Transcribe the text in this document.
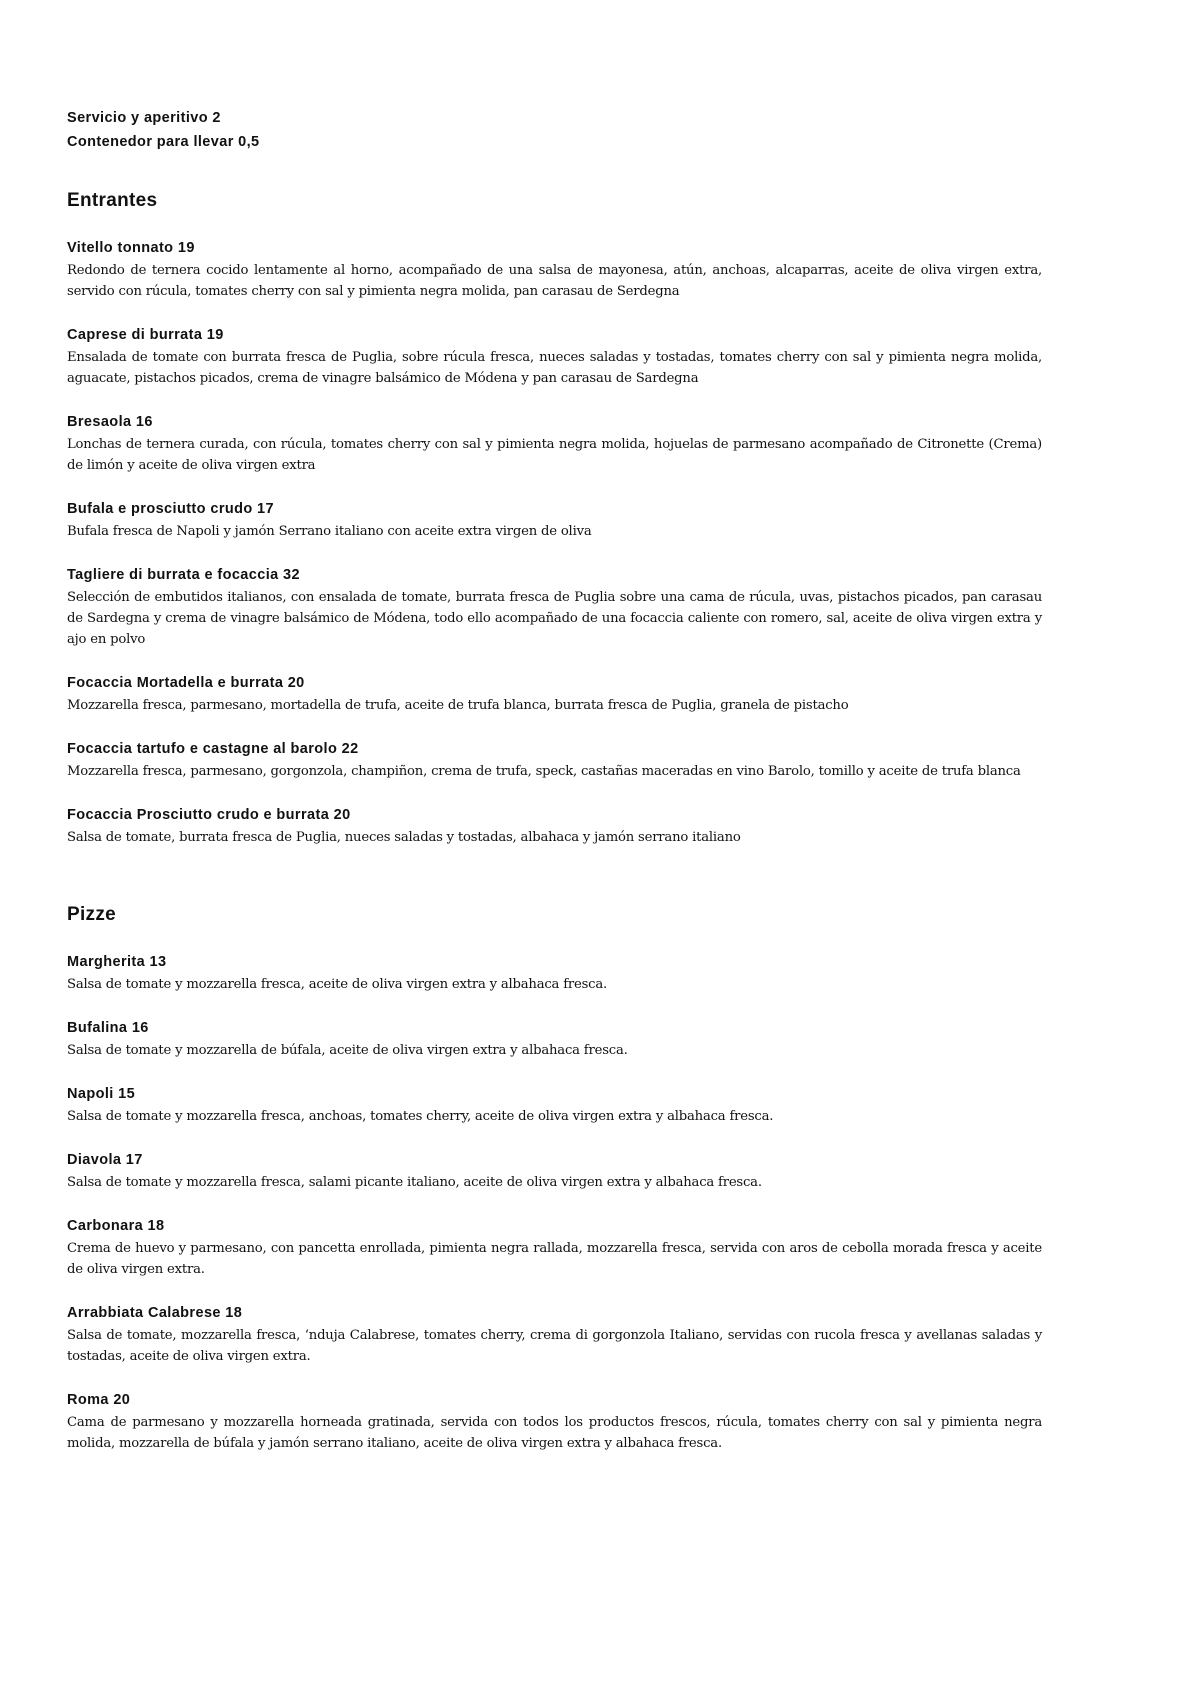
Servicio y aperitivo 2
Contenedor para llevar 0,5
Entrantes
Vitello tonnato 19
Redondo de ternera cocido lentamente al horno, acompañado de una salsa de mayonesa, atún, anchoas, alcaparras, aceite de oliva virgen extra, servido con rúcula, tomates cherry con sal y pimienta negra molida, pan carasau de Serdegna
Caprese di burrata 19
Ensalada de tomate con burrata fresca de Puglia, sobre rúcula fresca, nueces saladas y tostadas, tomates cherry con sal y pimienta negra molida, aguacate, pistachos picados, crema de vinagre balsámico de Módena y pan carasau de Sardegna
Bresaola 16
Lonchas de ternera curada, con rúcula, tomates cherry con sal y pimienta negra molida, hojuelas de parmesano acompañado de Citronette (Crema) de limón y aceite de oliva virgen extra
Bufala e prosciutto crudo 17
Bufala fresca de Napoli y jamón Serrano italiano con aceite extra virgen de oliva
Tagliere di burrata e focaccia 32
Selección de embutidos italianos, con ensalada de tomate, burrata fresca de Puglia sobre una cama de rúcula, uvas, pistachos picados, pan carasau de Sardegna y crema de vinagre balsámico de Módena, todo ello acompañado de una focaccia caliente con romero, sal, aceite de oliva virgen extra y ajo en polvo
Focaccia Mortadella e burrata 20
Mozzarella fresca, parmesano, mortadella de trufa, aceite de trufa blanca, burrata fresca de Puglia, granela de pistacho
Focaccia tartufo e castagne al barolo 22
Mozzarella fresca, parmesano, gorgonzola, champiñon, crema de trufa, speck, castañas maceradas en vino Barolo, tomillo y aceite de trufa blanca
Focaccia Prosciutto crudo e burrata 20
Salsa de tomate, burrata fresca de Puglia, nueces saladas y tostadas, albahaca y jamón serrano italiano
Pizze
Margherita 13
Salsa de tomate y mozzarella fresca, aceite de oliva virgen extra y albahaca fresca.
Bufalina 16
Salsa de tomate y mozzarella de búfala, aceite de oliva virgen extra y albahaca fresca.
Napoli 15
Salsa de tomate y mozzarella fresca, anchoas, tomates cherry, aceite de oliva virgen extra y albahaca fresca.
Diavola 17
Salsa de tomate y mozzarella fresca, salami picante italiano, aceite de oliva virgen extra y albahaca fresca.
Carbonara 18
Crema de huevo y parmesano, con pancetta enrollada, pimienta negra rallada, mozzarella fresca, servida con aros de cebolla morada fresca y aceite de oliva virgen extra.
Arrabbiata Calabrese 18
Salsa de tomate, mozzarella fresca, ‘nduja Calabrese, tomates cherry, crema di gorgonzola Italiano, servidas con rucola fresca y avellanas saladas y tostadas, aceite de oliva virgen extra.
Roma 20
Cama de parmesano y mozzarella horneada gratinada, servida con todos los productos frescos, rúcula, tomates cherry con sal y pimienta negra molida, mozzarella de búfala y jamón serrano italiano, aceite de oliva virgen extra y albahaca fresca.
